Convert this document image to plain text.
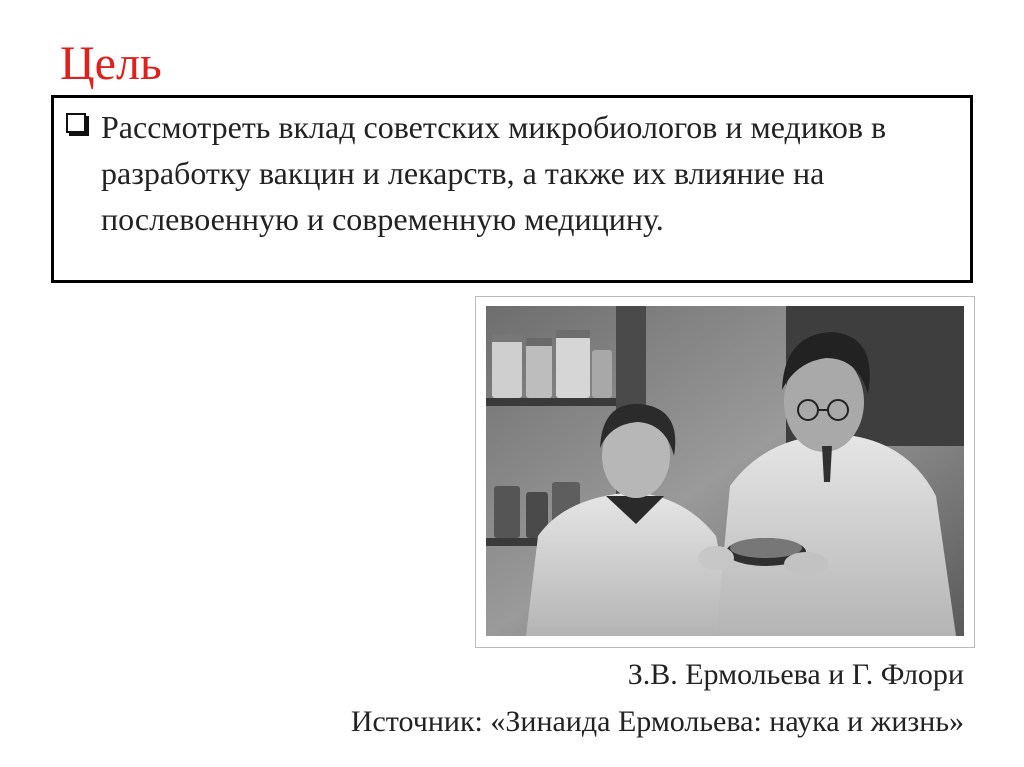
Цель
Рассмотреть вклад советских микробиологов и медиков в разработку вакцин и лекарств, а также их влияние на послевоенную и современную медицину.
З.В. Ермольева и Г. Флори
Источник: «Зинаида Ермольева: наука и жизнь»
